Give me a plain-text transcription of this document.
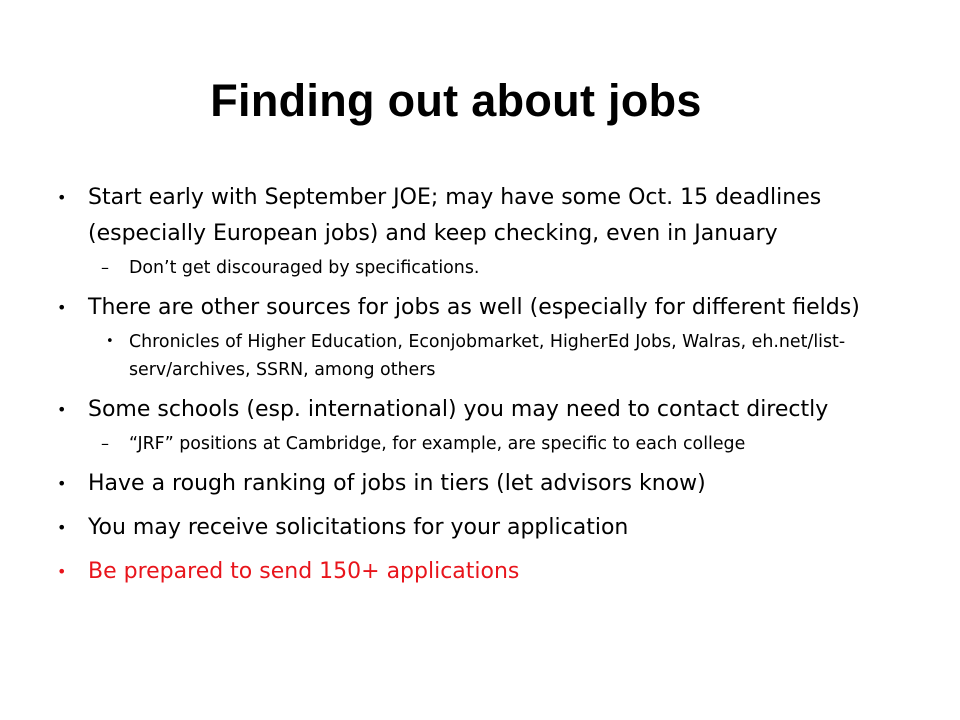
Finding out about jobs
• Start early with September JOE; may have some Oct. 15 deadlines (especially European jobs) and keep checking, even in January
– Don’t get discouraged by specifications.
• There are other sources for jobs as well (especially for different fields)
• Chronicles of Higher Education, Econjobmarket, HigherEd Jobs, Walras, eh.net/list-serv/archives, SSRN, among others
• Some schools (esp. international) you may need to contact directly
– “JRF” positions at Cambridge, for example, are specific to each college
• Have a rough ranking of jobs in tiers (let advisors know)
• You may receive solicitations for your application
• Be prepared to send 150+ applications
